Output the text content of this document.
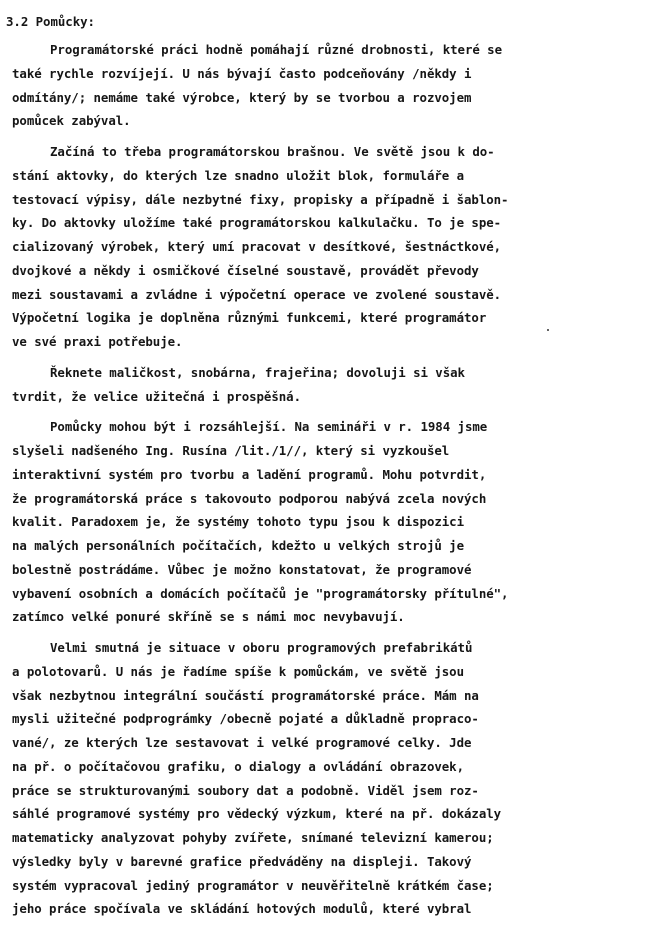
3.2 Pomůcky:

Programátorské práci hodně pomáhají různé drobnosti, které se
také rychle rozvíjejí. U nás bývají často podceňovány /někdy i
odmítány/; nemáme také výrobce, který by se tvorbou a rozvojem
pomůcek zabýval.

Začíná to třeba programátorskou brašnou. Ve světě jsou k do-
stání aktovky, do kterých lze snadno uložit blok, formuláře a
testovací výpisy, dále nezbytné fixy, propisky a případně i šablon-
ky. Do aktovky uložíme také programátorskou kalkulačku. To je spe-
cializovaný výrobek, který umí pracovat v desítkové, šestnáctkové,
dvojkové a někdy i osmičkové číselné soustavě, provádět převody
mezi soustavami a zvládne i výpočetní operace ve zvolené soustavě.
Výpočetní logika je doplněna různými funkcemi, které programátor
ve své praxi potřebuje.

Řeknete maličkost, snobárna, frajeřina; dovoluji si však
tvrdit, že velice užitečná i prospěšná.

Pomůcky mohou být i rozsáhlejší. Na semináři v r. 1984 jsme
slyšeli nadšeného Ing. Rusína /lit./1//, který si vyzkoušel
interaktivní systém pro tvorbu a ladění programů. Mohu potvrdit,
že programátorská práce s takovouto podporou nabývá zcela nových
kvalit. Paradoxem je, že systémy tohoto typu jsou k dispozici
na malých personálních počítačích, kdežto u velkých strojů je
bolestně postrádáme. Vůbec je možno konstatovat, že programové
vybavení osobních a domácích počítačů je "programátorsky přítulné",
zatímco velké ponuré skříně se s námi moc nevybavují.

Velmi smutná je situace v oboru programových prefabrikátů
a polotovarů. U nás je řadíme spíše k pomůckám, ve světě jsou
však nezbytnou integrální součástí programátorské práce. Mám na
mysli užitečné podprográmky /obecně pojaté a důkladně proprаco-
vané/, ze kterých lze sestavovat i velké programové celky. Jde
na př. o počítačovou grafiku, o dialogy a ovládání obrazovek,
práce se strukturovanými soubory dat a podobně. Viděl jsem roz-
sáhlé programové systémy pro vědecký výzkum, které na př. dokázaly
matematicky analyzovat pohyby zvířete, snímané televizní kamerou;
výsledky byly v barevné grafice předváděny na displeji. Takový
systém vypracoval jediný programátor v neuvěřitelně krátkém čase;
jeho práce spočívala ve skládání hotových modulů, které vybral
